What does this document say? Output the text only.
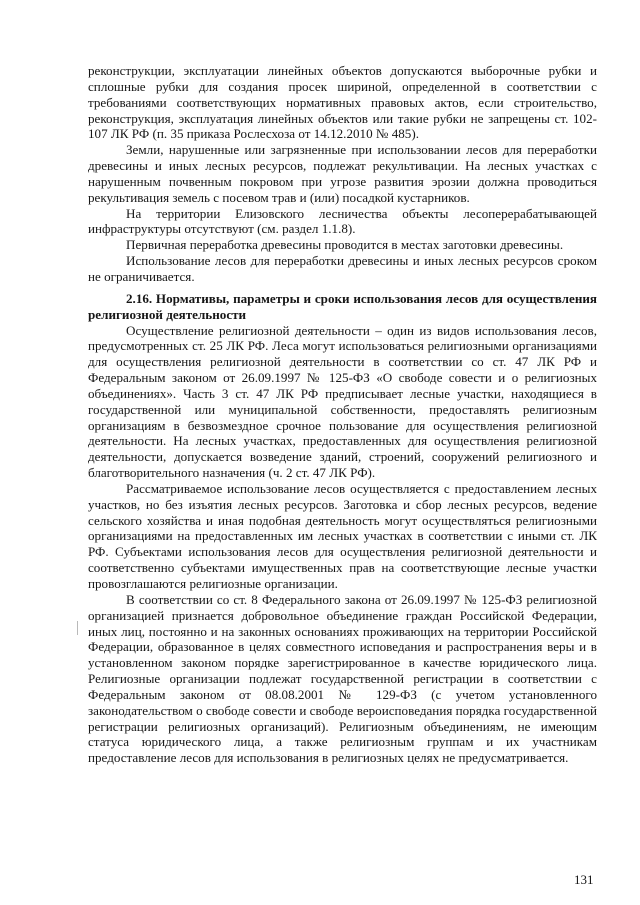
реконструкции, эксплуатации линейных объектов допускаются выборочные рубки и сплошные рубки для создания просек шириной, определенной в соответствии с требованиями соответствующих нормативных правовых актов, если строительство, реконструкция, эксплуатация линейных объектов или такие рубки не запрещены ст. 102-107 ЛК РФ (п. 35 приказа Рослесхоза от 14.12.2010 № 485).

Земли, нарушенные или загрязненные при использовании лесов для переработки древесины и иных лесных ресурсов, подлежат рекультивации. На лесных участках с нарушенным почвенным покровом при угрозе развития эрозии должна проводиться рекультивация земель с посевом трав и (или) посадкой кустарников.

На территории Елизовского лесничества объекты лесоперерабатывающей инфраструктуры отсутствуют (см. раздел 1.1.8).

Первичная переработка древесины проводится в местах заготовки древесины.

Использование лесов для переработки древесины и иных лесных ресурсов сроком не ограничивается.

2.16. Нормативы, параметры и сроки использования лесов для осуществления религиозной деятельности

Осуществление религиозной деятельности – один из видов использования лесов, предусмотренных ст. 25 ЛК РФ. Леса могут использоваться религиозными организациями для осуществления религиозной деятельности в соответствии со ст. 47 ЛК РФ и Федеральным законом от 26.09.1997 № 125-ФЗ «О свободе совести и о религиозных объединениях». Часть 3 ст. 47 ЛК РФ предписывает лесные участки, находящиеся в государственной или муниципальной собственности, предоставлять религиозным организациям в безвозмездное срочное пользование для осуществления религиозной деятельности. На лесных участках, предоставленных для осуществления религиозной деятельности, допускается возведение зданий, строений, сооружений религиозного и благотворительного назначения (ч. 2 ст. 47 ЛК РФ).

Рассматриваемое использование лесов осуществляется с предоставлением лесных участков, но без изъятия лесных ресурсов. Заготовка и сбор лесных ресурсов, ведение сельского хозяйства и иная подобная деятельность могут осуществляться религиозными организациями на предоставленных им лесных участках в соответствии с иными ст. ЛК РФ. Субъектами использования лесов для осуществления религиозной деятельности и соответственно субъектами имущественных прав на соответствующие лесные участки провозглашаются религиозные организации.

В соответствии со ст. 8 Федерального закона от 26.09.1997 № 125-ФЗ религиозной организацией признается добровольное объединение граждан Российской Федерации, иных лиц, постоянно и на законных основаниях проживающих на территории Российской Федерации, образованное в целях совместного исповедания и распространения веры и в установленном законом порядке зарегистрированное в качестве юридического лица. Религиозные организации подлежат государственной регистрации в соответствии с Федеральным законом от 08.08.2001 № 129-ФЗ (с учетом установленного законодательством о свободе совести и свободе вероисповедания порядка государственной регистрации религиозных организаций). Религиозным объединениям, не имеющим статуса юридического лица, а также религиозным группам и их участникам предоставление лесов для использования в религиозных целях не предусматривается.

131
